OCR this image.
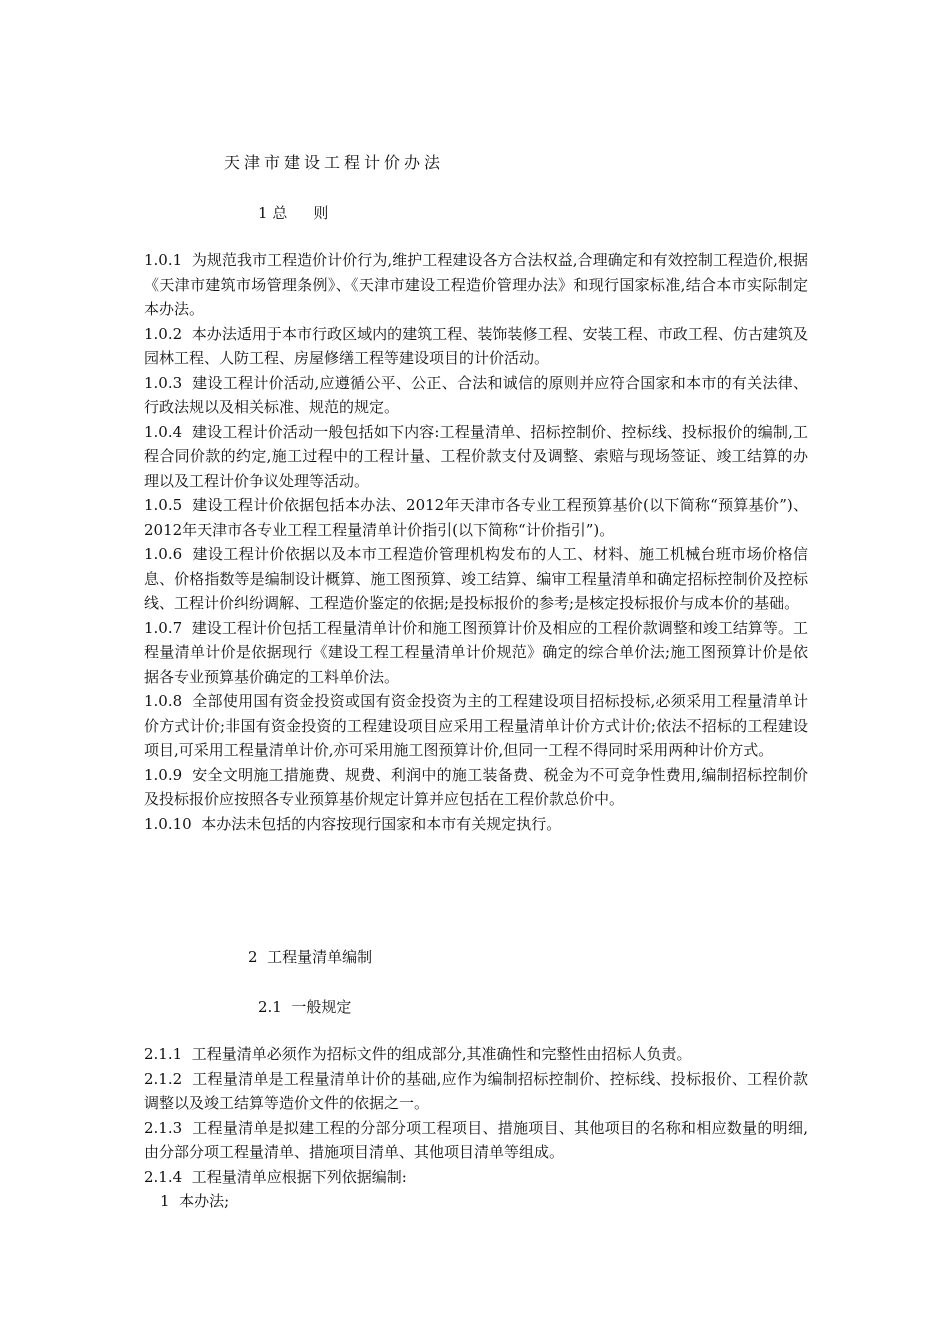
天津市建设工程计价办法
1 总 则

1.0.1 为规范我市工程造价计价行为,维护工程建设各方合法权益,合理确定和有效控制工程造价,根据《天津市建筑市场管理条例》、《天津市建设工程造价管理办法》和现行国家标准,结合本市实际制定本办法。

1.0.2 本办法适用于本市行政区域内的建筑工程、装饰装修工程、安装工程、市政工程、仿古建筑及园林工程、人防工程、房屋修缮工程等建设项目的计价活动。

1.0.3 建设工程计价活动,应遵循公平、公正、合法和诚信的原则并应符合国家和本市的有关法律、行政法规以及相关标准、规范的规定。

1.0.4 建设工程计价活动一般包括如下内容:工程量清单、招标控制价、控标线、投标报价的编制,工程合同价款的约定,施工过程中的工程计量、工程价款支付及调整、索赔与现场签证、竣工结算的办理以及工程计价争议处理等活动。

1.0.5 建设工程计价依据包括本办法、2012年天津市各专业工程预算基价(以下简称“预算基价”)、2012年天津市各专业工程工程量清单计价指引(以下简称“计价指引”)。

1.0.6 建设工程计价依据以及本市工程造价管理机构发布的人工、材料、施工机械台班市场价格信息、价格指数等是编制设计概算、施工图预算、竣工结算、编审工程量清单和确定招标控制价及控标线、工程计价纠纷调解、工程造价鉴定的依据;是投标报价的参考;是核定投标报价与成本价的基础。

1.0.7 建设工程计价包括工程量清单计价和施工图预算计价及相应的工程价款调整和竣工结算等。工程量清单计价是依据现行《建设工程工程量清单计价规范》确定的综合单价法;施工图预算计价是依据各专业预算基价确定的工料单价法。

1.0.8 全部使用国有资金投资或国有资金投资为主的工程建设项目招标投标,必须采用工程量清单计价方式计价;非国有资金投资的工程建设项目应采用工程量清单计价方式计价;依法不招标的工程建设项目,可采用工程量清单计价,亦可采用施工图预算计价,但同一工程不得同时采用两种计价方式。

1.0.9 安全文明施工措施费、规费、利润中的施工装备费、税金为不可竞争性费用,编制招标控制价及投标报价应按照各专业预算基价规定计算并应包括在工程价款总价中。

1.0.10 本办法未包括的内容按现行国家和本市有关规定执行。

2 工程量清单编制
2.1 一般规定

2.1.1 工程量清单必须作为招标文件的组成部分,其准确性和完整性由招标人负责。

2.1.2 工程量清单是工程量清单计价的基础,应作为编制招标控制价、控标线、投标报价、工程价款调整以及竣工结算等造价文件的依据之一。

2.1.3 工程量清单是拟建工程的分部分项工程项目、措施项目、其他项目的名称和相应数量的明细,由分部分项工程量清单、措施项目清单、其他项目清单等组成。

2.1.4 工程量清单应根据下列依据编制:

1 本办法;
